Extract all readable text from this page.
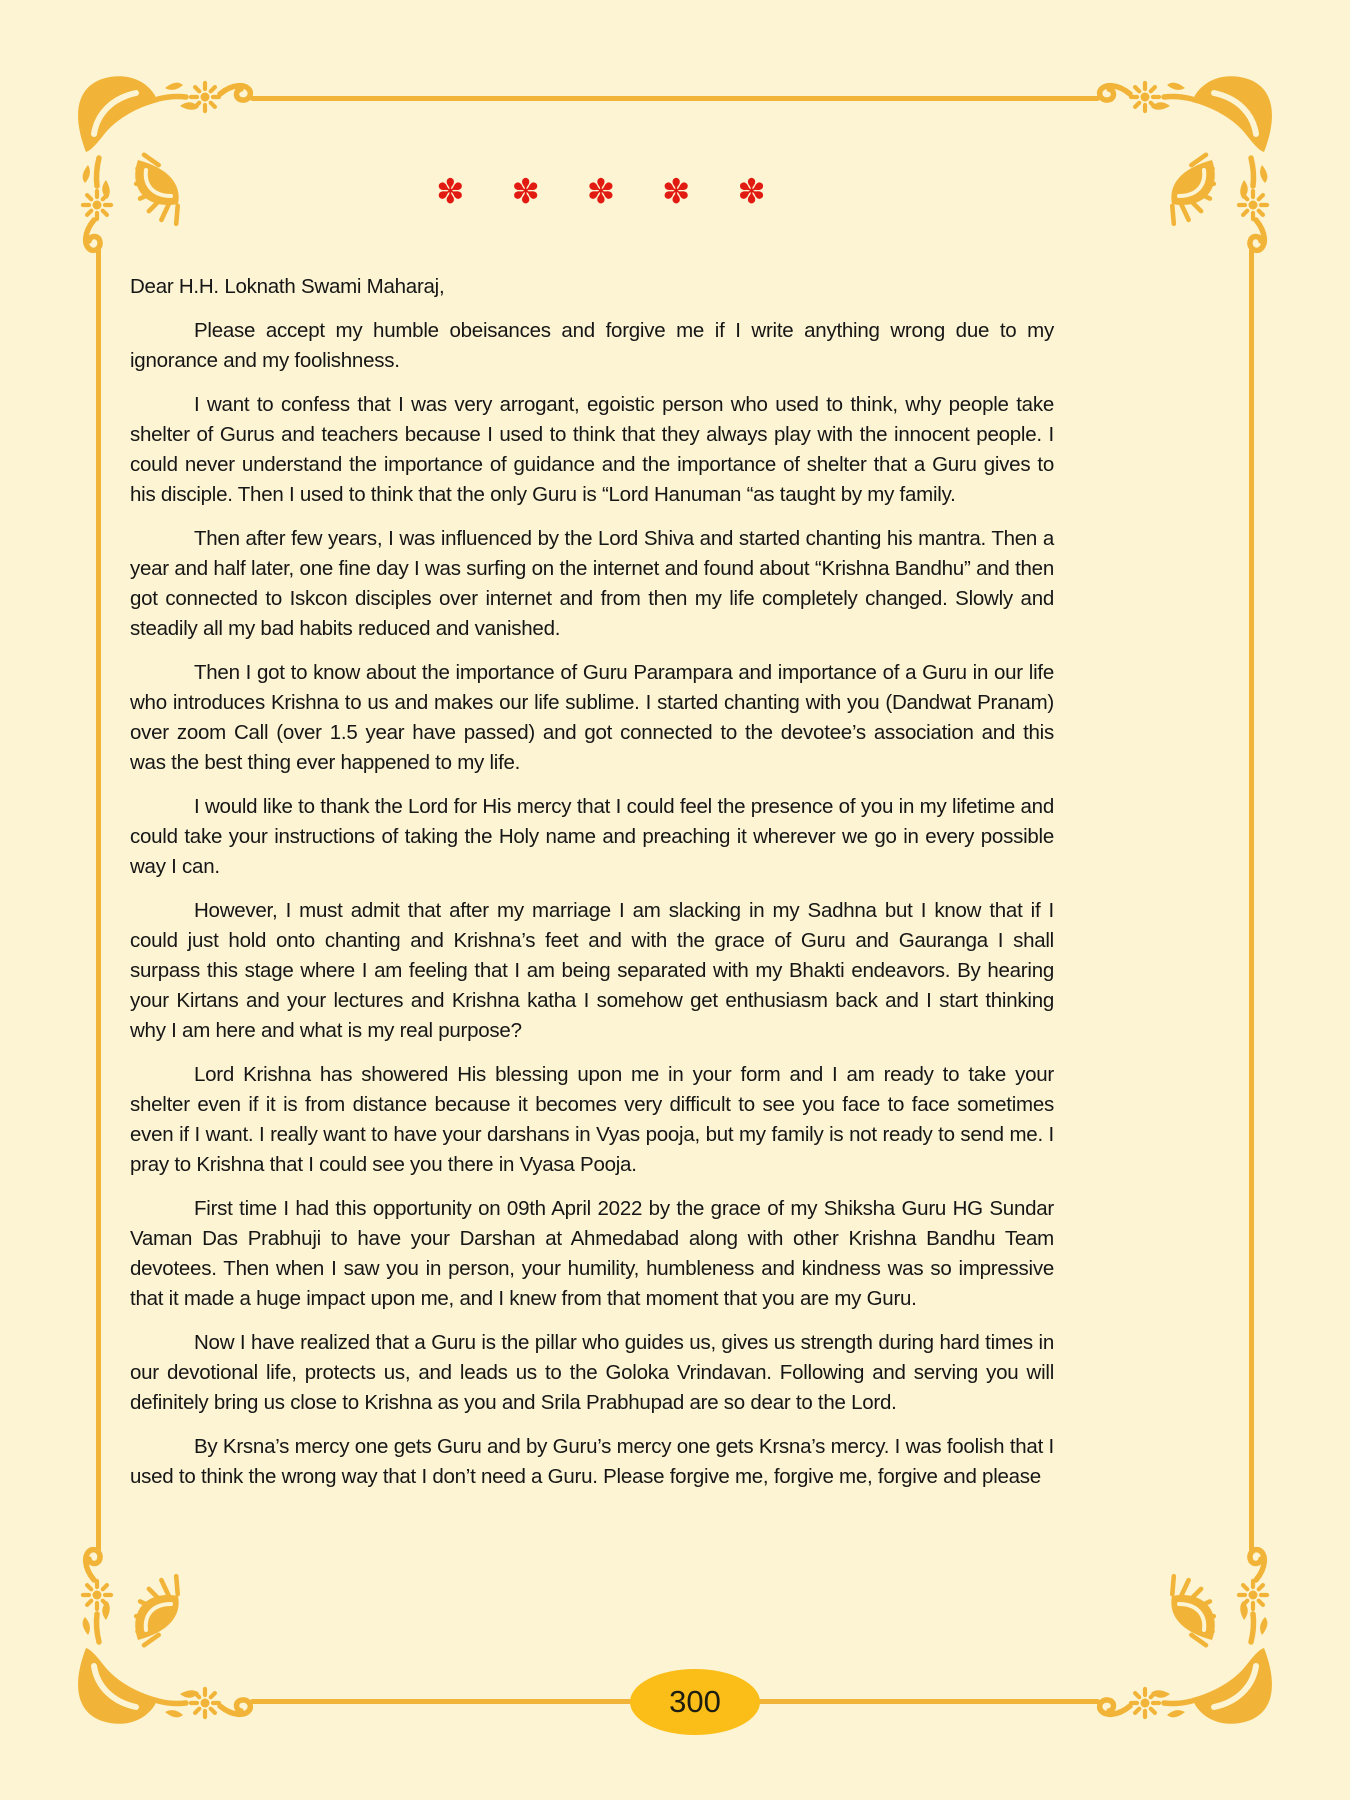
✽ ✽ ✽ ✽ ✽

Dear H.H. Loknath Swami Maharaj,

Please accept my humble obeisances and forgive me if I write anything wrong due to my ignorance and my foolishness.

I want to confess that I was very arrogant, egoistic person who used to think, why people take shelter of Gurus and teachers because I used to think that they always play with the innocent people. I could never understand the importance of guidance and the importance of shelter that a Guru gives to his disciple. Then I used to think that the only Guru is “Lord Hanuman “as taught by my family.

Then after few years, I was influenced by the Lord Shiva and started chanting his mantra. Then a year and half later, one fine day I was surfing on the internet and found about “Krishna Bandhu” and then got connected to Iskcon disciples over internet and from then my life completely changed. Slowly and steadily all my bad habits reduced and vanished.

Then I got to know about the importance of Guru Parampara and importance of a Guru in our life who introduces Krishna to us and makes our life sublime. I started chanting with you (Dandwat Pranam) over zoom Call (over 1.5 year have passed) and got connected to the devotee’s association and this was the best thing ever happened to my life.

I would like to thank the Lord for His mercy that I could feel the presence of you in my lifetime and could take your instructions of taking the Holy name and preaching it wherever we go in every possible way I can.

However, I must admit that after my marriage I am slacking in my Sadhna but I know that if I could just hold onto chanting and Krishna’s feet and with the grace of Guru and Gauranga I shall surpass this stage where I am feeling that I am being separated with my Bhakti endeavors. By hearing your Kirtans and your lectures and Krishna katha I somehow get enthusiasm back and I start thinking why I am here and what is my real purpose?

Lord Krishna has showered His blessing upon me in your form and I am ready to take your shelter even if it is from distance because it becomes very difficult to see you face to face sometimes even if I want. I really want to have your darshans in Vyas pooja, but my family is not ready to send me. I pray to Krishna that I could see you there in Vyasa Pooja.

First time I had this opportunity on 09th April 2022 by the grace of my Shiksha Guru HG Sundar Vaman Das Prabhuji to have your Darshan at Ahmedabad along with other Krishna Bandhu Team devotees. Then when I saw you in person, your humility, humbleness and kindness was so impressive that it made a huge impact upon me, and I knew from that moment that you are my Guru.

Now I have realized that a Guru is the pillar who guides us, gives us strength during hard times in our devotional life, protects us, and leads us to the Goloka Vrindavan. Following and serving you will definitely bring us close to Krishna as you and Srila Prabhupad are so dear to the Lord.

By Krsna’s mercy one gets Guru and by Guru’s mercy one gets Krsna’s mercy. I was foolish that I used to think the wrong way that I don’t need a Guru. Please forgive me, forgive me, forgive and please

300
